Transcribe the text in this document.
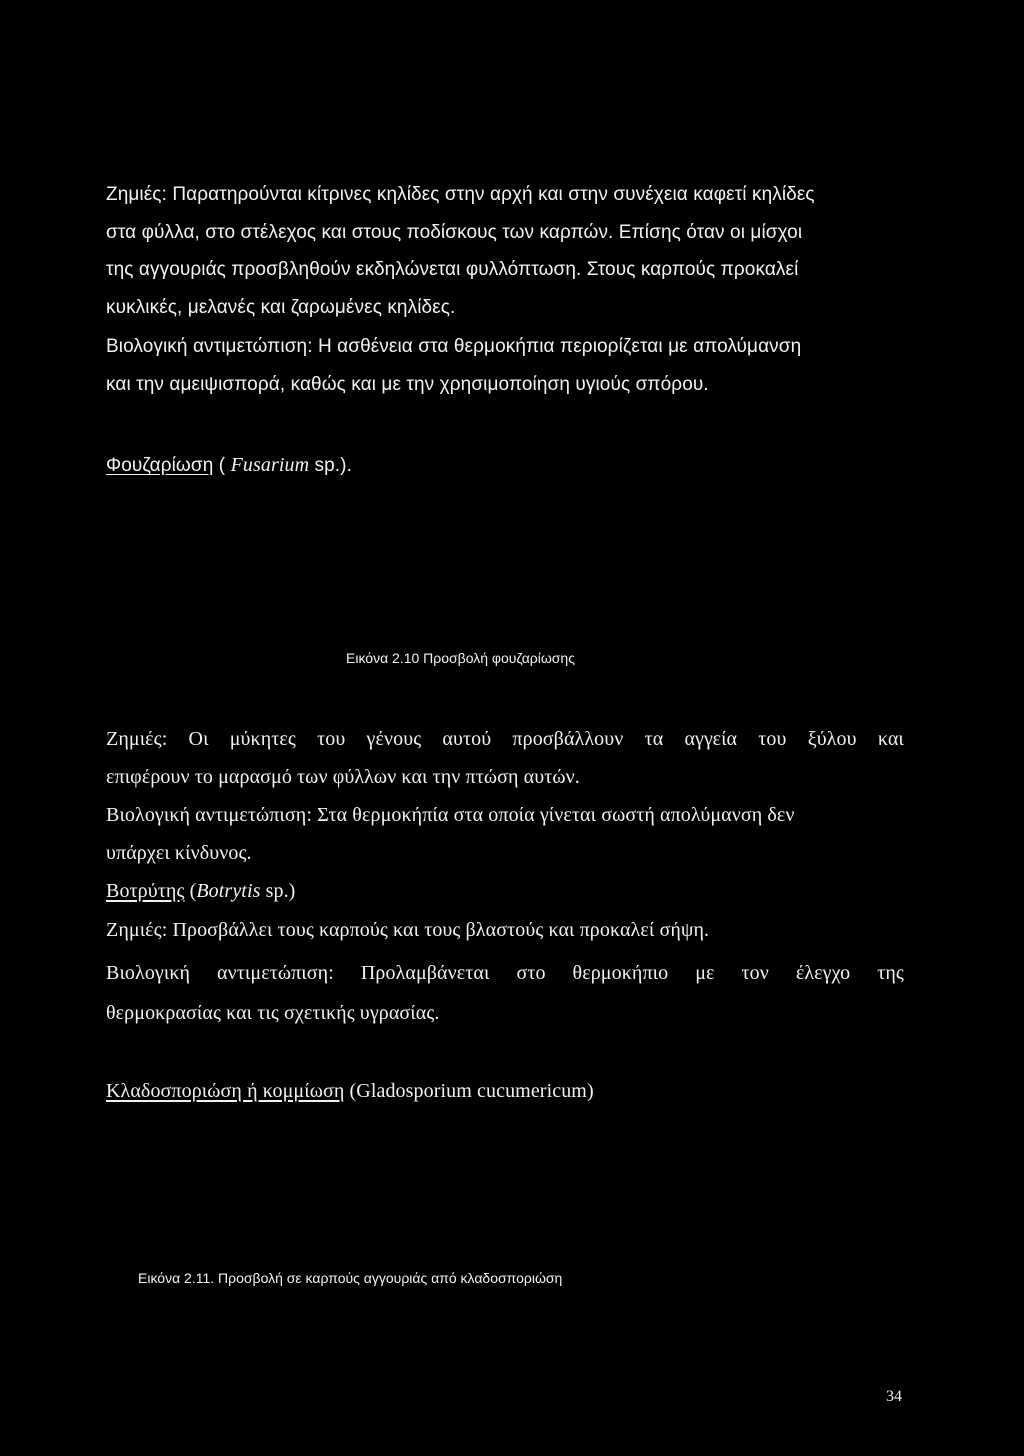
Ζημιές: Παρατηρούνται κίτρινες κηλίδες στην αρχή και στην συνέχεια καφετί κηλίδες
στα φύλλα, στο στέλεχος και στους ποδίσκους των καρπών. Επίσης όταν οι μίσχοι
της αγγουριάς προσβληθούν εκδηλώνεται φυλλόπτωση. Στους καρπούς προκαλεί
κυκλικές, μελανές και ζαρωμένες κηλίδες.
Βιολογική αντιμετώπιση: Η ασθένεια στα θερμοκήπια περιορίζεται με απολύμανση
και την αμειψισπορά, καθώς και με την χρησιμοποίηση υγιούς σπόρου.
Φουζαρίωση ( Fusarium sp.).
Εικόνα 2.10 Προσβολή φουζαρίωσης
Ζημιές: Οι μύκητες του γένους αυτού προσβάλλουν τα αγγεία του ξύλου και
επιφέρουν το μαρασμό των φύλλων και την πτώση αυτών.
Βιολογική αντιμετώπιση: Στα θερμοκήπία στα οποία γίνεται σωστή απολύμανση δεν
υπάρχει κίνδυνος.
Βοτρύτης (Botrytis sp.)
Ζημιές: Προσβάλλει τους καρπούς και τους βλαστούς και προκαλεί σήψη.
Βιολογική αντιμετώπιση: Προλαμβάνεται στο θερμοκήπιο με τον έλεγχο της
θερμοκρασίας και τις σχετικής υγρασίας.
Κλαδοσποριώση ή κομμίωση (Gladosporium cucumericum)
Εικόνα 2.11. Προσβολή σε καρπούς αγγουριάς από κλαδοσποριώση
34
